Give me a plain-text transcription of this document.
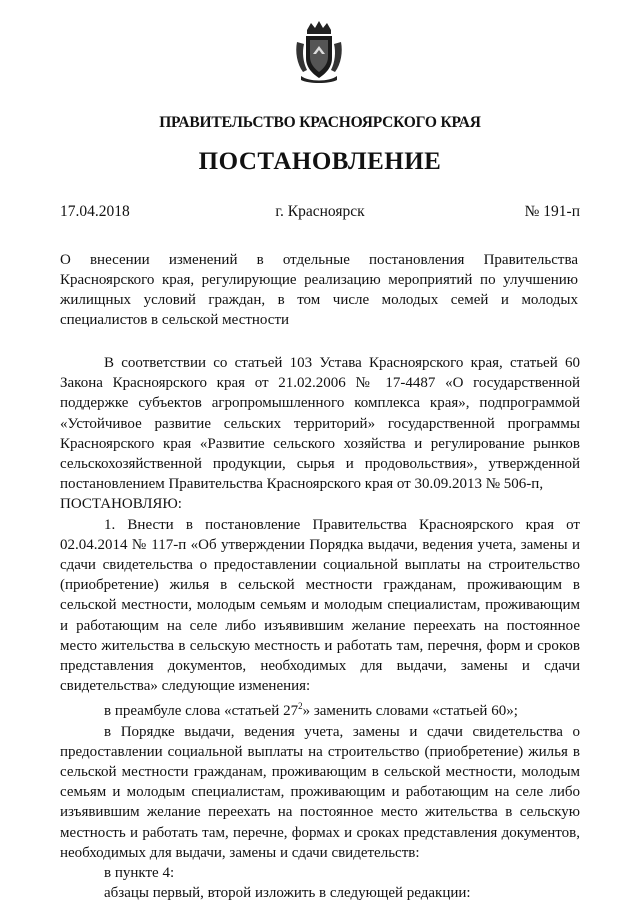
ПРАВИТЕЛЬСТВО КРАСНОЯРСКОГО КРАЯ
ПОСТАНОВЛЕНИЕ
17.04.2018	г. Красноярск	№ 191-п
О внесении изменений в отдельные постановления Правительства Красноярского края, регулирующие реализацию мероприятий по улучшению жилищных условий граждан, в том числе молодых семей и молодых специалистов в сельской местности

В соответствии со статьей 103 Устава Красноярского края, статьей 60 Закона Красноярского края от 21.02.2006 № 17-4487 «О государственной поддержке субъектов агропромышленного комплекса края», подпрограммой «Устойчивое развитие сельских территорий» государственной программы Красноярского края «Развитие сельского хозяйства и регулирование рынков сельскохозяйственной продукции, сырья и продовольствия», утвержденной постановлением Правительства Красноярского края от 30.09.2013 № 506-п,

ПОСТАНОВЛЯЮ:

1. Внести в постановление Правительства Красноярского края от 02.04.2014 № 117-п «Об утверждении Порядка выдачи, ведения учета, замены и сдачи свидетельства о предоставлении социальной выплаты на строительство (приобретение) жилья в сельской местности гражданам, проживающим в сельской местности, молодым семьям и молодым специалистам, проживающим и работающим на селе либо изъявившим желание переехать на постоянное место жительства в сельскую местность и работать там, перечня, форм и сроков представления документов, необходимых для выдачи, замены и сдачи свидетельства» следующие изменения:

в преамбуле слова «статьей $27^2$» заменить словами «статьей 60»;

в Порядке выдачи, ведения учета, замены и сдачи свидетельства о предоставлении социальной выплаты на строительство (приобретение) жилья в сельской местности гражданам, проживающим в сельской местности, молодым семьям и молодым специалистам, проживающим и работающим на селе либо изъявившим желание переехать на постоянное место жительства в сельскую местность и работать там, перечне, формах и сроках представления документов, необходимых для выдачи, замены и сдачи свидетельств:

в пункте 4:

абзацы первый, второй изложить в следующей редакции:
